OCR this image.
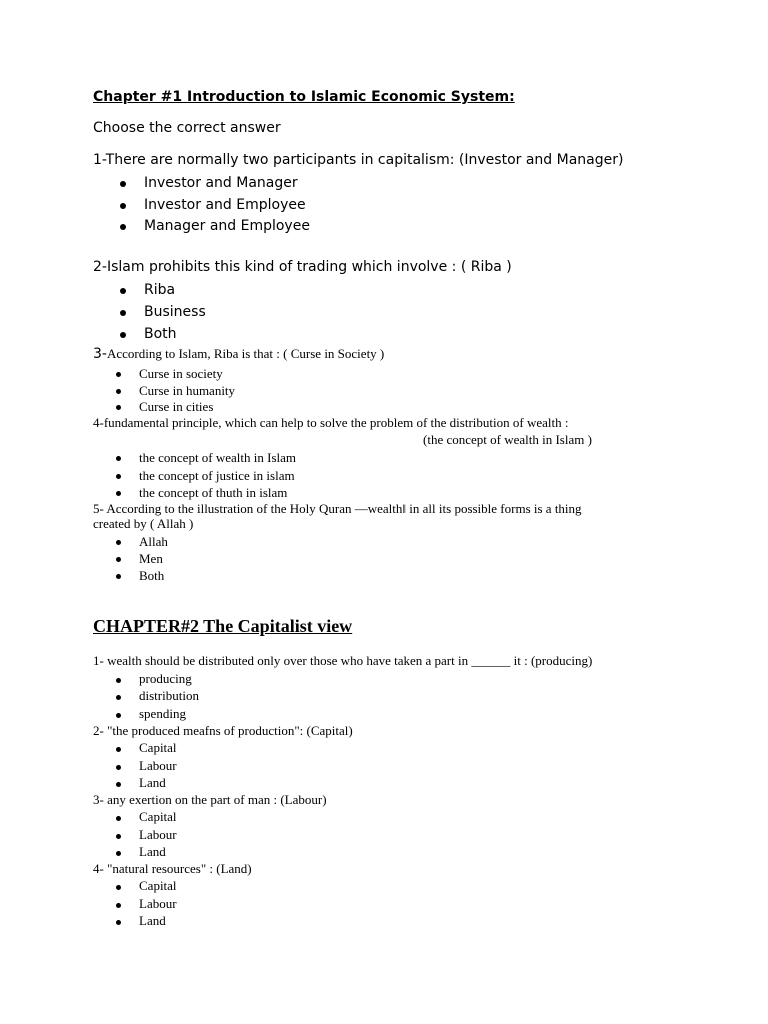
Chapter #1 Introduction to Islamic Economic System:
Choose the correct answer
1-There are normally two participants in capitalism: (Investor and Manager)
Investor and Manager
Investor and Employee
Manager and Employee
2-Islam prohibits this kind of trading which involve : ( Riba )
Riba
Business
Both
3-According to Islam, Riba is that : ( Curse in Society )
Curse in society
Curse in humanity
Curse in cities
4-fundamental principle, which can help to solve the problem of the distribution of wealth :
(the concept of wealth in Islam )
the concept of wealth in Islam
the concept of justice in islam
the concept of thuth in islam
5- According to the illustration of the Holy Quran —wealth‖ in all its possible forms is a thing
created by ( Allah )
Allah
Men
Both
CHAPTER#2 The Capitalist view
1- wealth should be distributed only over those who have taken a part in ______ it : (producing)
producing
distribution
spending
2- "the produced meafns of production": (Capital)
Capital
Labour
Land
3- any exertion on the part of man : (Labour)
Capital
Labour
Land
4- "natural resources" : (Land)
Capital
Labour
Land
